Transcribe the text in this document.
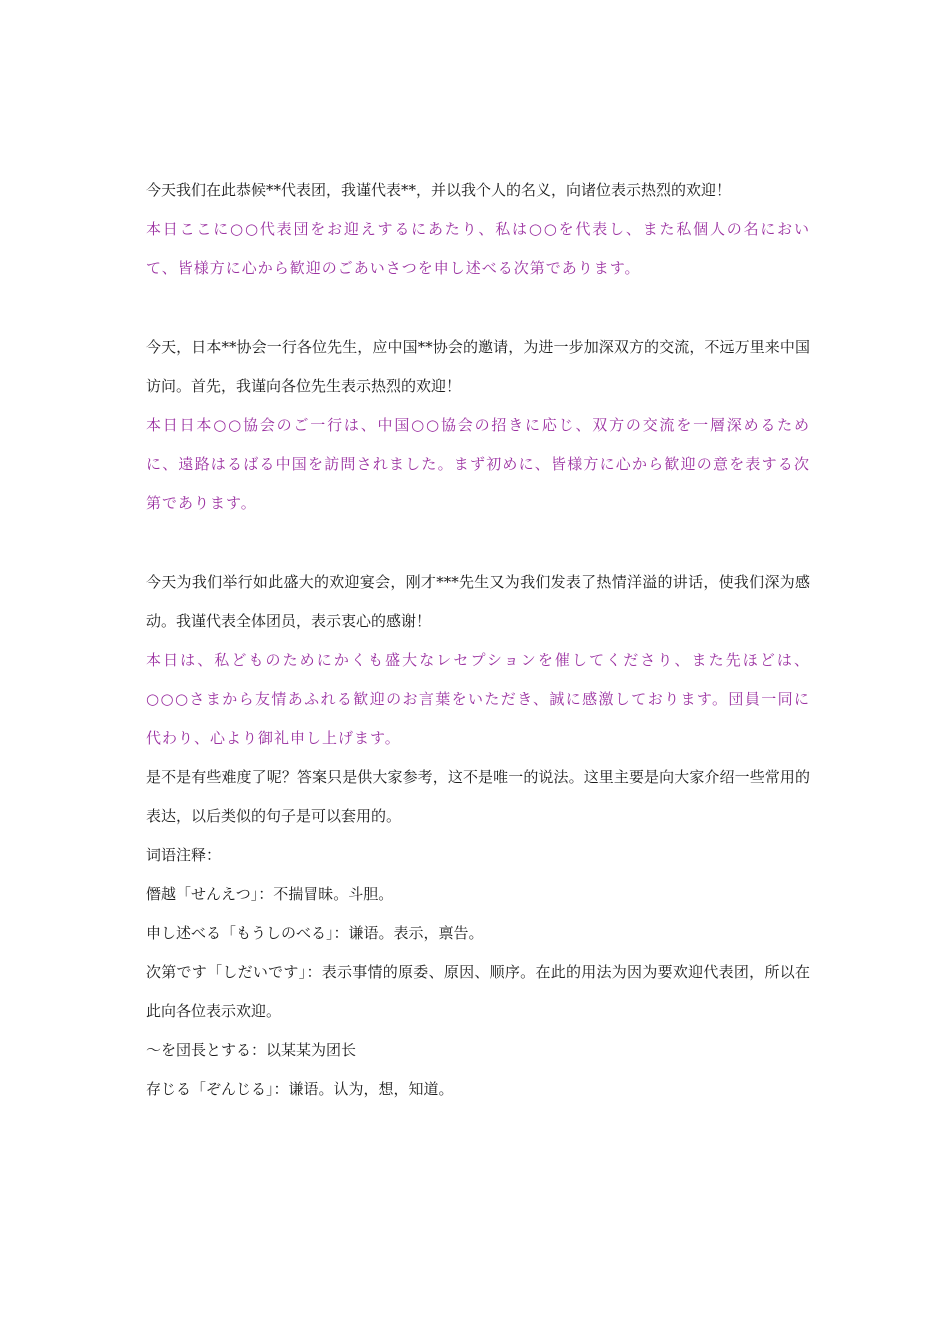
今天我们在此恭候**代表团，我谨代表**，并以我个人的名义，向诸位表示热烈的欢迎！

本日ここに○○代表団をお迎えするにあたり、私は○○を代表し、また私個人の名において、皆様方に心から歓迎のごあいさつを申し述べる次第であります。

今天，日本**协会一行各位先生，应中国**协会的邀请，为进一步加深双方的交流，不远万里来中国访问。首先，我谨向各位先生表示热烈的欢迎！

本日日本○○協会のご一行は、中国○○協会の招きに応じ、双方の交流を一層深めるために、遠路はるばる中国を訪問されました。まず初めに、皆様方に心から歓迎の意を表する次第であります。

今天为我们举行如此盛大的欢迎宴会，刚才***先生又为我们发表了热情洋溢的讲话，使我们深为感动。我谨代表全体团员，表示衷心的感谢！

本日は、私どものためにかくも盛大なレセプションを催してくださり、また先ほどは、○○○さまから友情あふれる歓迎のお言葉をいただき、誠に感激しております。団員一同に代わり、心より御礼申し上げます。

是不是有些难度了呢？答案只是供大家参考，这不是唯一的说法。这里主要是向大家介绍一些常用的表达，以后类似的句子是可以套用的。

词语注释：

僭越「せんえつ」：不揣冒昧。斗胆。

申し述べる「もうしのべる」：谦语。表示，禀告。

次第です「しだいです」：表示事情的原委、原因、顺序。在此的用法为因为要欢迎代表团，所以在此向各位表示欢迎。

～を団長とする：以某某为团长

存じる「ぞんじる」：谦语。认为，想，知道。
